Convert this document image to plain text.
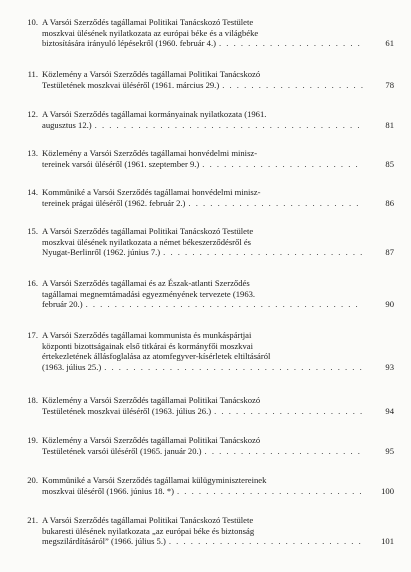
10. A Varsói Szerződés tagállamai Politikai Tanácskozó Testülete
moszkvai ülésének nyilatkozata az európai béke és a világbéke
biztosítására irányuló lépésekről (1960. február 4.) . . .	61
11. Közlemény a Varsói Szerződés tagállamai Politikai Tanácskozó
Testületének moszkvai üléséről (1961. március 29.) . . .	78
12. A Varsói Szerződés tagállamai kormányainak nyilatkozata (1961.
augusztus 12.) . . .	81
13. Közlemény a Varsói Szerződés tagállamai honvédelmi minisz-
tereinek varsói üléséről (1961. szeptember 9.) . . .	85
14. Kommüniké a Varsói Szerződés tagállamai honvédelmi minisz-
tereinek prágai üléséről (1962. február 2.) . . .	86
15. A Varsói Szerződés tagállamai Politikai Tanácskozó Testülete
moszkvai ülésének nyilatkozata a német békeszerződésről és
Nyugat-Berlinről (1962. június 7.) . . .	87
16. A Varsói Szerződés tagállamai és az Észak-atlanti Szerződés
tagállamai megnemtámadási egyezményének tervezete (1963.
február 20.) . . .	90
17. A Varsói Szerződés tagállamai kommunista és munkáspártjai
központi bizottságainak első titkárai és kormányfői moszkvai
értekezletének állásfoglalása az atomfegyver-kísérletek eltiltásáról
(1963. július 25.) . . .	93
18. Közlemény a Varsói Szerződés tagállamai Politikai Tanácskozó
Testületének moszkvai üléséről (1963. július 26.) . . .	94
19. Közlemény a Varsói Szerződés tagállamai Politikai Tanácskozó
Testületének varsói üléséről (1965. január 20.) . . .	95
20. Kommüniké a Varsói Szerződés tagállamai külügyminisztereinek
moszkvai üléséről (1966. június 18. *) . . .	100
21. A Varsói Szerződés tagállamai Politikai Tanácskozó Testülete
bukaresti ülésének nyilatkozata „az európai béke és biztonság
megszilárdításáról” (1966. július 5.) . . .	101
